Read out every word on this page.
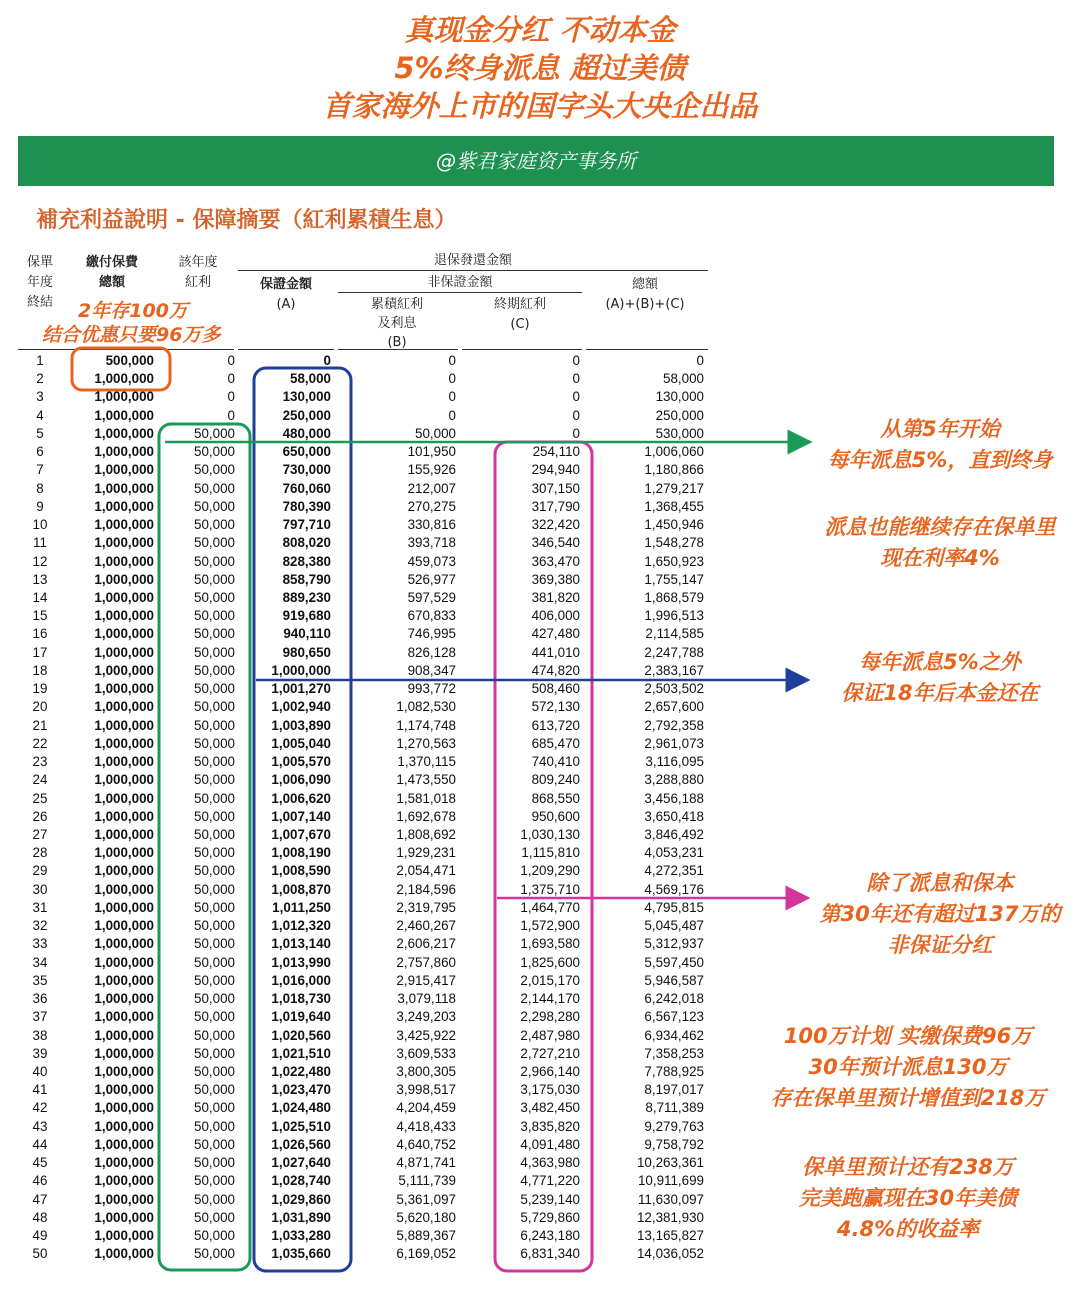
真现金分红 不动本金
5%终身派息 超过美债
首家海外上市的国字头大央企出品
@紫君家庭资产事务所
補充利益說明 - 保障摘要（紅利累積生息）
保單
年度
終結
繳付保費
總額
該年度
紅利
退保發還金額
保證金額
(A)
非保證金額
累積紅利
及利息
(B)
終期紅利
(C)
總額
(A)+(B)+(C)
2年存100万
结合优惠只要96万多
1	500,000	0	0	0	0	0
2	1,000,000	0	58,000	0	0	58,000
3	1,000,000	0	130,000	0	0	130,000
4	1,000,000	0	250,000	0	0	250,000
5	1,000,000	50,000	480,000	50,000	0	530,000
6	1,000,000	50,000	650,000	101,950	254,110	1,006,060
7	1,000,000	50,000	730,000	155,926	294,940	1,180,866
8	1,000,000	50,000	760,060	212,007	307,150	1,279,217
9	1,000,000	50,000	780,390	270,275	317,790	1,368,455
10	1,000,000	50,000	797,710	330,816	322,420	1,450,946
11	1,000,000	50,000	808,020	393,718	346,540	1,548,278
12	1,000,000	50,000	828,380	459,073	363,470	1,650,923
13	1,000,000	50,000	858,790	526,977	369,380	1,755,147
14	1,000,000	50,000	889,230	597,529	381,820	1,868,579
15	1,000,000	50,000	919,680	670,833	406,000	1,996,513
16	1,000,000	50,000	940,110	746,995	427,480	2,114,585
17	1,000,000	50,000	980,650	826,128	441,010	2,247,788
18	1,000,000	50,000	1,000,000	908,347	474,820	2,383,167
19	1,000,000	50,000	1,001,270	993,772	508,460	2,503,502
20	1,000,000	50,000	1,002,940	1,082,530	572,130	2,657,600
21	1,000,000	50,000	1,003,890	1,174,748	613,720	2,792,358
22	1,000,000	50,000	1,005,040	1,270,563	685,470	2,961,073
23	1,000,000	50,000	1,005,570	1,370,115	740,410	3,116,095
24	1,000,000	50,000	1,006,090	1,473,550	809,240	3,288,880
25	1,000,000	50,000	1,006,620	1,581,018	868,550	3,456,188
26	1,000,000	50,000	1,007,140	1,692,678	950,600	3,650,418
27	1,000,000	50,000	1,007,670	1,808,692	1,030,130	3,846,492
28	1,000,000	50,000	1,008,190	1,929,231	1,115,810	4,053,231
29	1,000,000	50,000	1,008,590	2,054,471	1,209,290	4,272,351
30	1,000,000	50,000	1,008,870	2,184,596	1,375,710	4,569,176
31	1,000,000	50,000	1,011,250	2,319,795	1,464,770	4,795,815
32	1,000,000	50,000	1,012,320	2,460,267	1,572,900	5,045,487
33	1,000,000	50,000	1,013,140	2,606,217	1,693,580	5,312,937
34	1,000,000	50,000	1,013,990	2,757,860	1,825,600	5,597,450
35	1,000,000	50,000	1,016,000	2,915,417	2,015,170	5,946,587
36	1,000,000	50,000	1,018,730	3,079,118	2,144,170	6,242,018
37	1,000,000	50,000	1,019,640	3,249,203	2,298,280	6,567,123
38	1,000,000	50,000	1,020,560	3,425,922	2,487,980	6,934,462
39	1,000,000	50,000	1,021,510	3,609,533	2,727,210	7,358,253
40	1,000,000	50,000	1,022,480	3,800,305	2,966,140	7,788,925
41	1,000,000	50,000	1,023,470	3,998,517	3,175,030	8,197,017
42	1,000,000	50,000	1,024,480	4,204,459	3,482,450	8,711,389
43	1,000,000	50,000	1,025,510	4,418,433	3,835,820	9,279,763
44	1,000,000	50,000	1,026,560	4,640,752	4,091,480	9,758,792
45	1,000,000	50,000	1,027,640	4,871,741	4,363,980	10,263,361
46	1,000,000	50,000	1,028,740	5,111,739	4,771,220	10,911,699
47	1,000,000	50,000	1,029,860	5,361,097	5,239,140	11,630,097
48	1,000,000	50,000	1,031,890	5,620,180	5,729,860	12,381,930
49	1,000,000	50,000	1,033,280	5,889,367	6,243,180	13,165,827
50	1,000,000	50,000	1,035,660	6,169,052	6,831,340	14,036,052
从第5年开始
每年派息5%，直到终身
派息也能继续存在保单里
现在利率4%
每年派息5%之外
保证18年后本金还在
除了派息和保本
第30年还有超过137万的
非保证分红
100万计划 实缴保费96万
30年预计派息130万
存在保单里预计增值到218万
保单里预计还有238万
完美跑赢现在30年美债
4.8%的收益率
